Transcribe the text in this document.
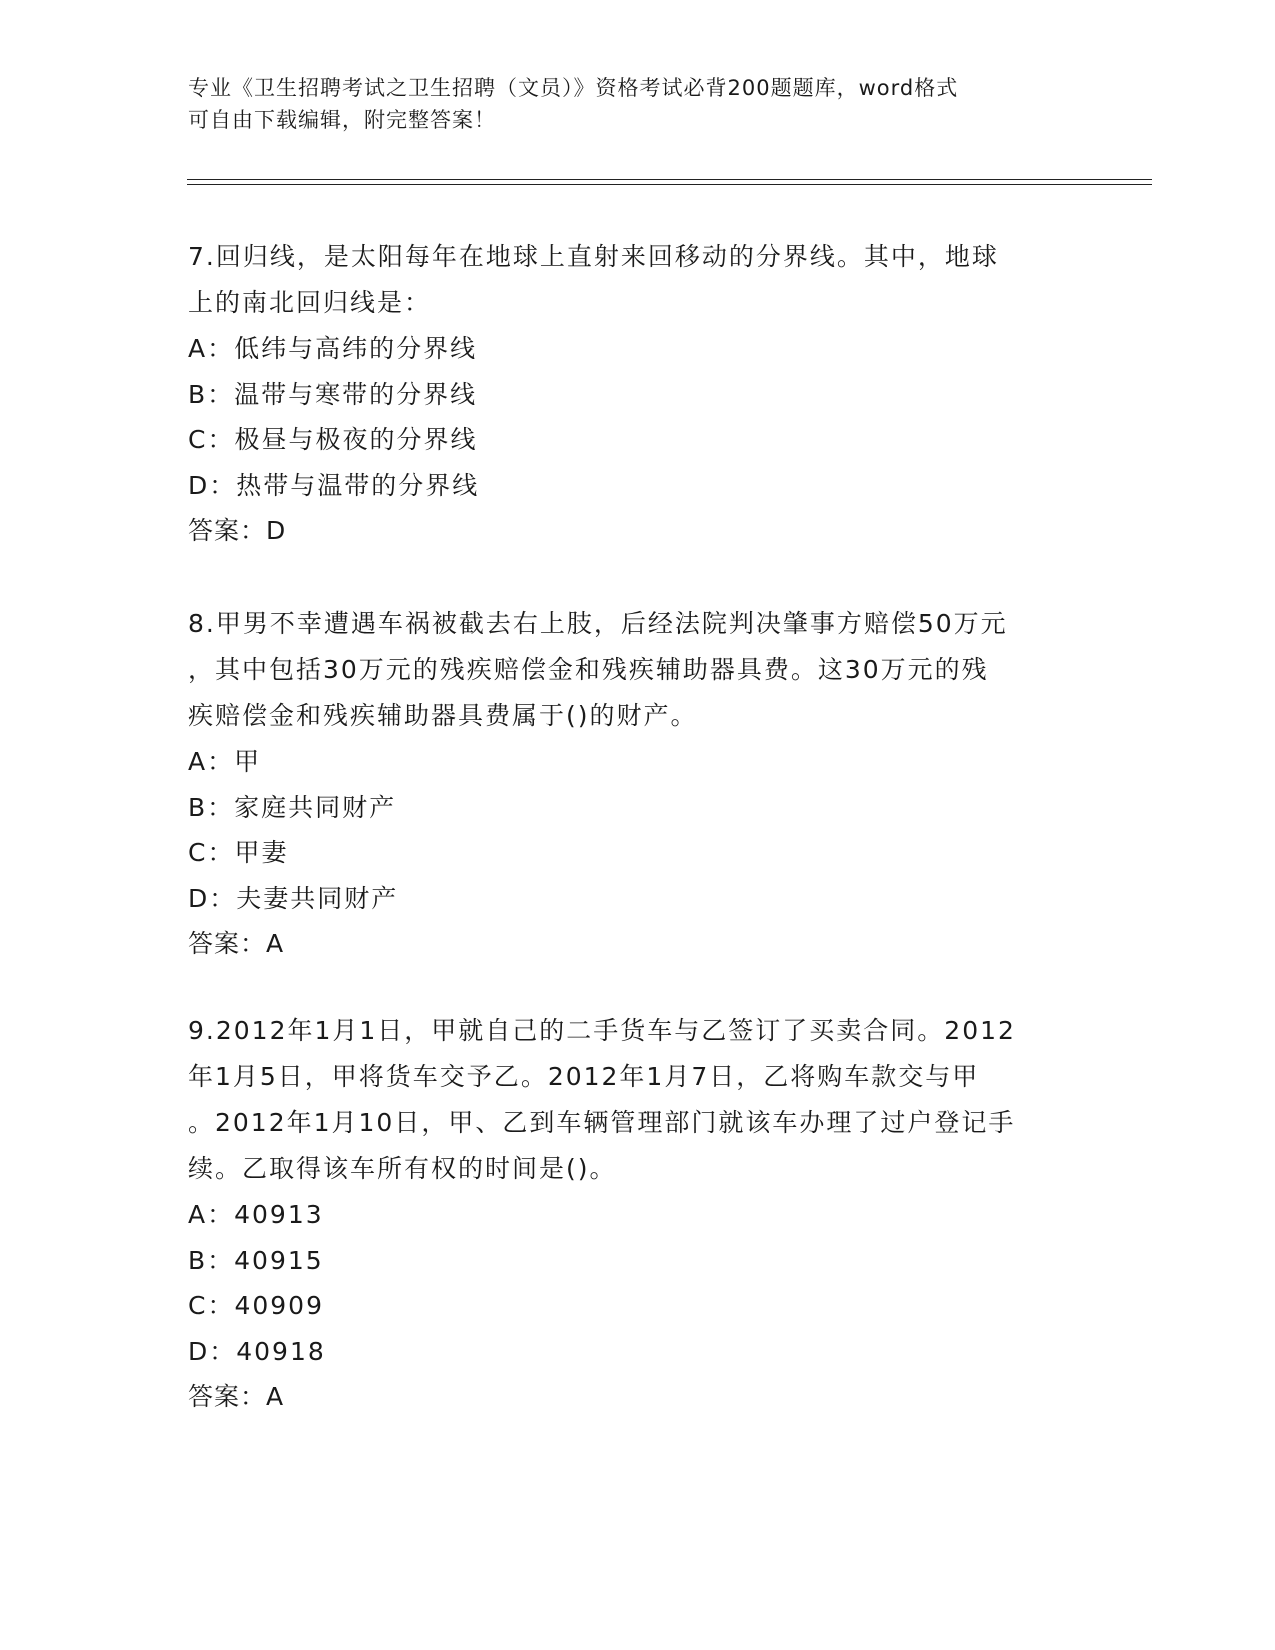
专业《卫生招聘考试之卫生招聘（文员）》资格考试必背200题题库，word格式
可自由下载编辑，附完整答案！
7.回归线，是太阳每年在地球上直射来回移动的分界线。其中，地球
上的南北回归线是：
A：低纬与高纬的分界线
B：温带与寒带的分界线
C：极昼与极夜的分界线
D：热带与温带的分界线
答案：D
8.甲男不幸遭遇车祸被截去右上肢，后经法院判决肇事方赔偿50万元
，其中包括30万元的残疾赔偿金和残疾辅助器具费。这30万元的残
疾赔偿金和残疾辅助器具费属于()的财产。
A：甲
B：家庭共同财产
C：甲妻
D：夫妻共同财产
答案：A
9.2012年1月1日，甲就自己的二手货车与乙签订了买卖合同。2012
年1月5日，甲将货车交予乙。2012年1月7日，乙将购车款交与甲
。2012年1月10日，甲、乙到车辆管理部门就该车办理了过户登记手
续。乙取得该车所有权的时间是()。
A：40913
B：40915
C：40909
D：40918
答案：A
